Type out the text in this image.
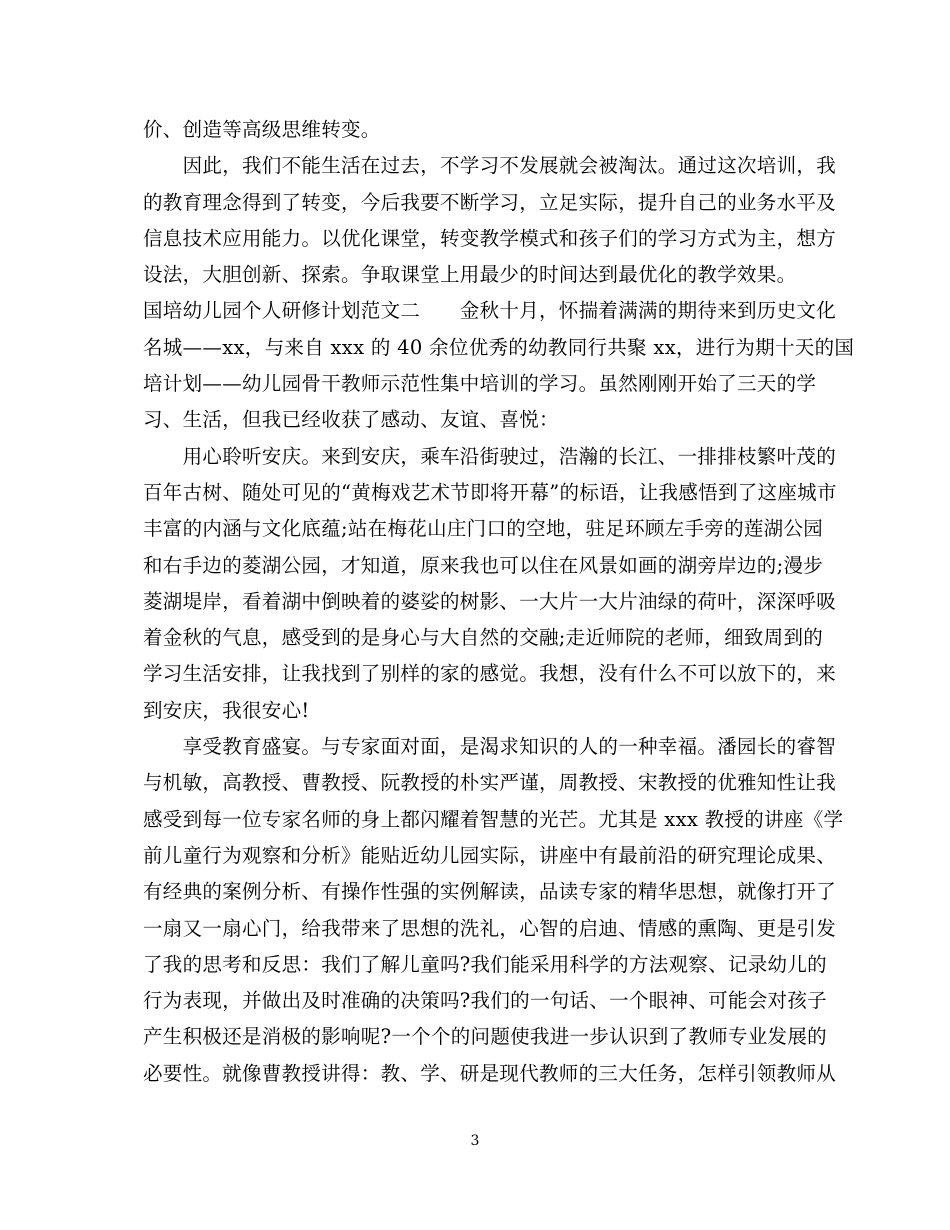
价、创造等高级思维转变。
　　因此，我们不能生活在过去，不学习不发展就会被淘汰。通过这次培训，我
的教育理念得到了转变，今后我要不断学习，立足实际，提升自己的业务水平及
信息技术应用能力。以优化课堂，转变教学模式和孩子们的学习方式为主，想方
设法，大胆创新、探索。争取课堂上用最少的时间达到最优化的教学效果。
国培幼儿园个人研修计划范文二　　金秋十月，怀揣着满满的期待来到历史文化
名城——xx，与来自 xxx 的 40 余位优秀的幼教同行共聚 xx，进行为期十天的国
培计划——幼儿园骨干教师示范性集中培训的学习。虽然刚刚开始了三天的学
习、生活，但我已经收获了感动、友谊、喜悦：
　　用心聆听安庆。来到安庆，乘车沿街驶过，浩瀚的长江、一排排枝繁叶茂的
百年古树、随处可见的“黄梅戏艺术节即将开幕”的标语，让我感悟到了这座城市
丰富的内涵与文化底蕴;站在梅花山庄门口的空地，驻足环顾左手旁的莲湖公园
和右手边的菱湖公园，才知道，原来我也可以住在风景如画的湖旁岸边的;漫步
菱湖堤岸，看着湖中倒映着的婆娑的树影、一大片一大片油绿的荷叶，深深呼吸
着金秋的气息，感受到的是身心与大自然的交融;走近师院的老师，细致周到的
学习生活安排，让我找到了别样的家的感觉。我想，没有什么不可以放下的，来
到安庆，我很安心!
　　享受教育盛宴。与专家面对面，是渴求知识的人的一种幸福。潘园长的睿智
与机敏，高教授、曹教授、阮教授的朴实严谨，周教授、宋教授的优雅知性让我
感受到每一位专家名师的身上都闪耀着智慧的光芒。尤其是 xxx 教授的讲座《学
前儿童行为观察和分析》能贴近幼儿园实际，讲座中有最前沿的研究理论成果、
有经典的案例分析、有操作性强的实例解读，品读专家的精华思想，就像打开了
一扇又一扇心门，给我带来了思想的洗礼，心智的启迪、情感的熏陶、更是引发
了我的思考和反思：我们了解儿童吗?我们能采用科学的方法观察、记录幼儿的
行为表现，并做出及时准确的决策吗?我们的一句话、一个眼神、可能会对孩子
产生积极还是消极的影响呢?一个个的问题使我进一步认识到了教师专业发展的
必要性。就像曹教授讲得：教、学、研是现代教师的三大任务，怎样引领教师从
3
